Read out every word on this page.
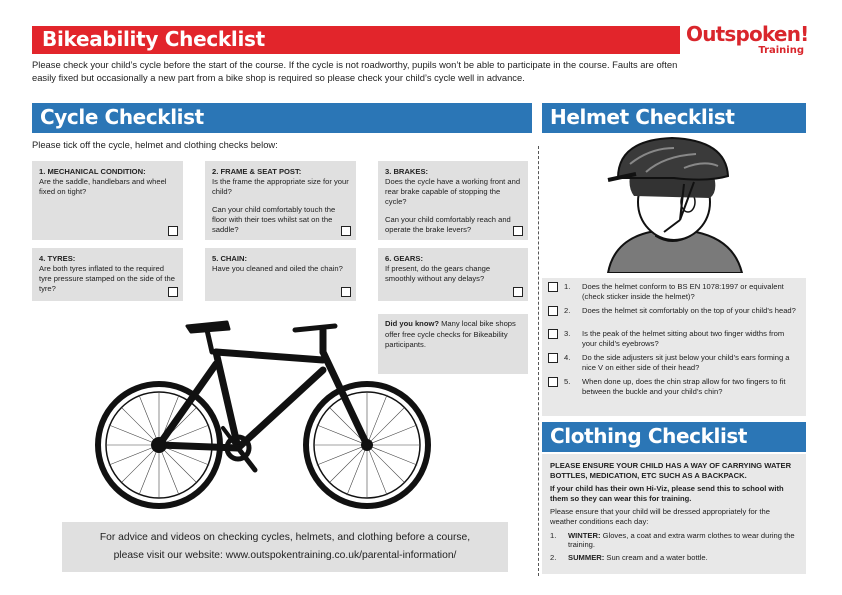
Bikeability Checklist	Outspoken!
Training
Please check your child’s cycle before the start of the course. If the cycle is not roadworthy, pupils won’t be able to participate in the course. Faults are often easily fixed but occasionally a new part from a bike shop is required so please check your child’s cycle well in advance.
Cycle Checklist	Helmet Checklist
Please tick off the cycle, helmet and clothing checks below:
1. MECHANICAL CONDITION:
Are the saddle, handlebars and wheel fixed on tight?
2. FRAME & SEAT POST:

Is the frame the appropriate size for your child?

Can your child comfortably touch the floor with their toes whilst sat on the saddle?

3. BRAKES:

Does the cycle have a working front and rear brake capable of stopping the cycle?

Can your child comfortably reach and operate the brake levers?

4. TYRES:
Are both tyres inflated to the required tyre pressure stamped on the side of the tyre?
5. CHAIN:
Have you cleaned and oiled the chain?
6. GEARS:
If present, do the gears change smoothly without any delays?
Did you know? Many local bike shops offer free cycle checks for Bikeability participants.
For advice and videos on checking cycles, helmets, and clothing before a course,
please visit our website: www.outspokentraining.co.uk/parental-information/
1. Does the helmet conform to BS EN 1078:1997 or equivalent (check sticker inside the helmet)?
2. Does the helmet sit comfortably on the top of your child’s head?
3. Is the peak of the helmet sitting about two finger widths from your child’s eyebrows?
4. Do the side adjusters sit just below your child’s ears forming a nice V on either side of their head?
5. When done up, does the chin strap allow for two fingers to fit between the buckle and your child’s chin?
Clothing Checklist

PLEASE ENSURE YOUR CHILD HAS A WAY OF CARRYING WATER BOTTLES, MEDICATION, ETC SUCH AS A BACKPACK.

If your child has their own Hi-Viz, please send this to school with them so they can wear this for training.

Please ensure that your child will be dressed appropriately for the weather conditions each day:

1. WINTER: Gloves, a coat and extra warm clothes to wear during the training.
2. SUMMER: Sun cream and a water bottle.
